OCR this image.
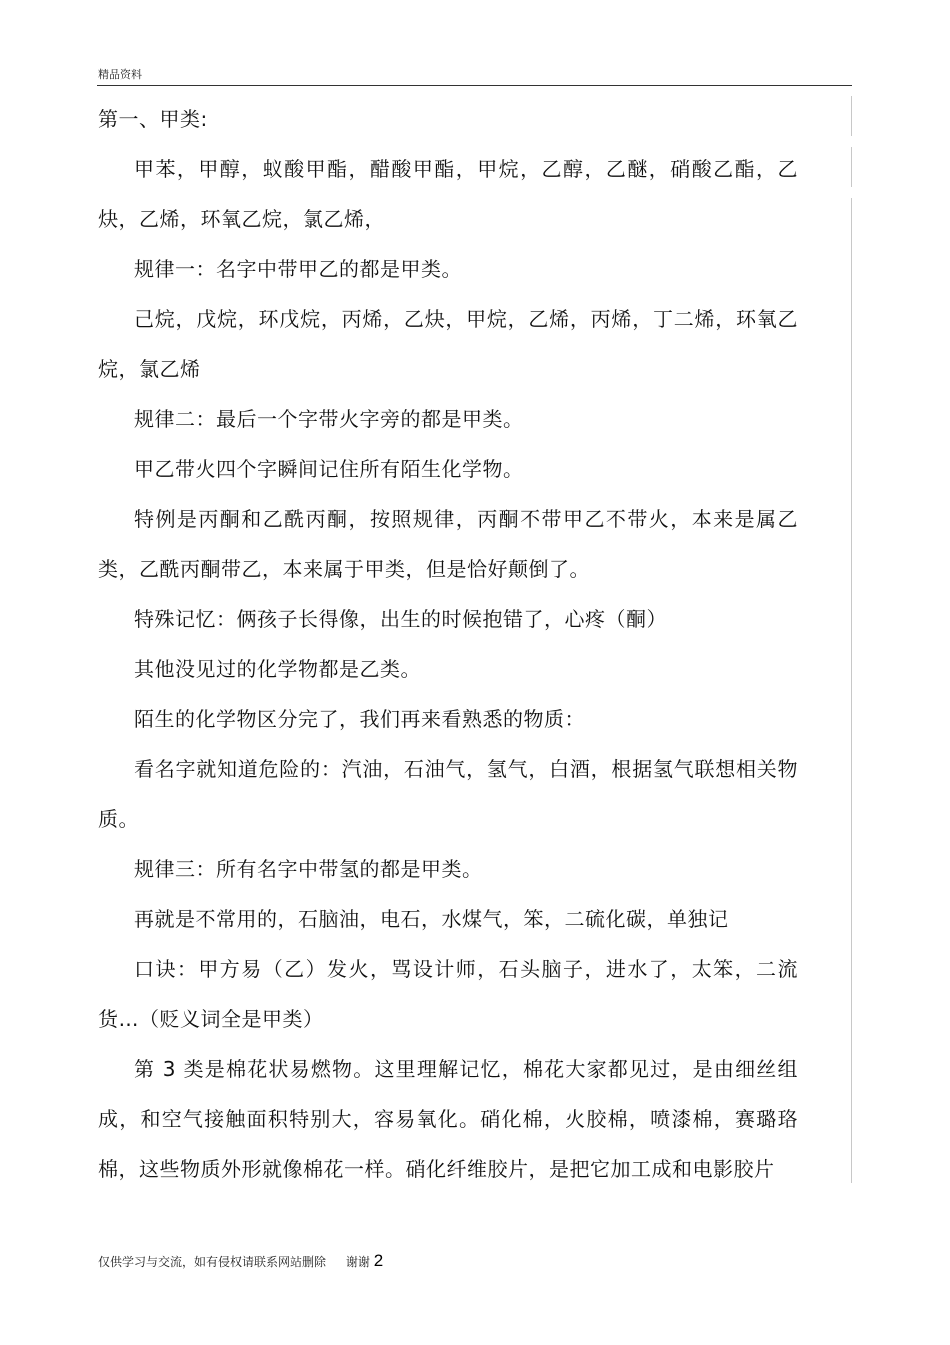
精品资料

第一、甲类:

甲苯，甲醇，蚁酸甲酯，醋酸甲酯，甲烷，乙醇，乙醚，硝酸乙酯，乙炔，乙烯，环氧乙烷，氯乙烯，

规律一：名字中带甲乙的都是甲类。

己烷，戊烷，环戊烷，丙烯，乙炔，甲烷，乙烯，丙烯，丁二烯，环氧乙烷，氯乙烯

规律二：最后一个字带火字旁的都是甲类。

甲乙带火四个字瞬间记住所有陌生化学物。

特例是丙酮和乙酰丙酮，按照规律，丙酮不带甲乙不带火，本来是属乙类，乙酰丙酮带乙，本来属于甲类，但是恰好颠倒了。

特殊记忆：俩孩子长得像，出生的时候抱错了，心疼（酮）

其他没见过的化学物都是乙类。

陌生的化学物区分完了，我们再来看熟悉的物质：

看名字就知道危险的：汽油，石油气，氢气，白酒，根据氢气联想相关物质。

规律三：所有名字中带氢的都是甲类。

再就是不常用的，石脑油，电石，水煤气，笨，二硫化碳，单独记

口诀：甲方易（乙）发火，骂设计师，石头脑子，进水了，太笨，二流货…（贬义词全是甲类）

第 3 类是棉花状易燃物。这里理解记忆，棉花大家都见过，是由细丝组成，和空气接触面积特别大，容易氧化。硝化棉，火胶棉，喷漆棉，赛璐珞棉，这些物质外形就像棉花一样。硝化纤维胶片，是把它加工成和电影胶片

仅供学习与交流，如有侵权请联系网站删除 谢谢 2
